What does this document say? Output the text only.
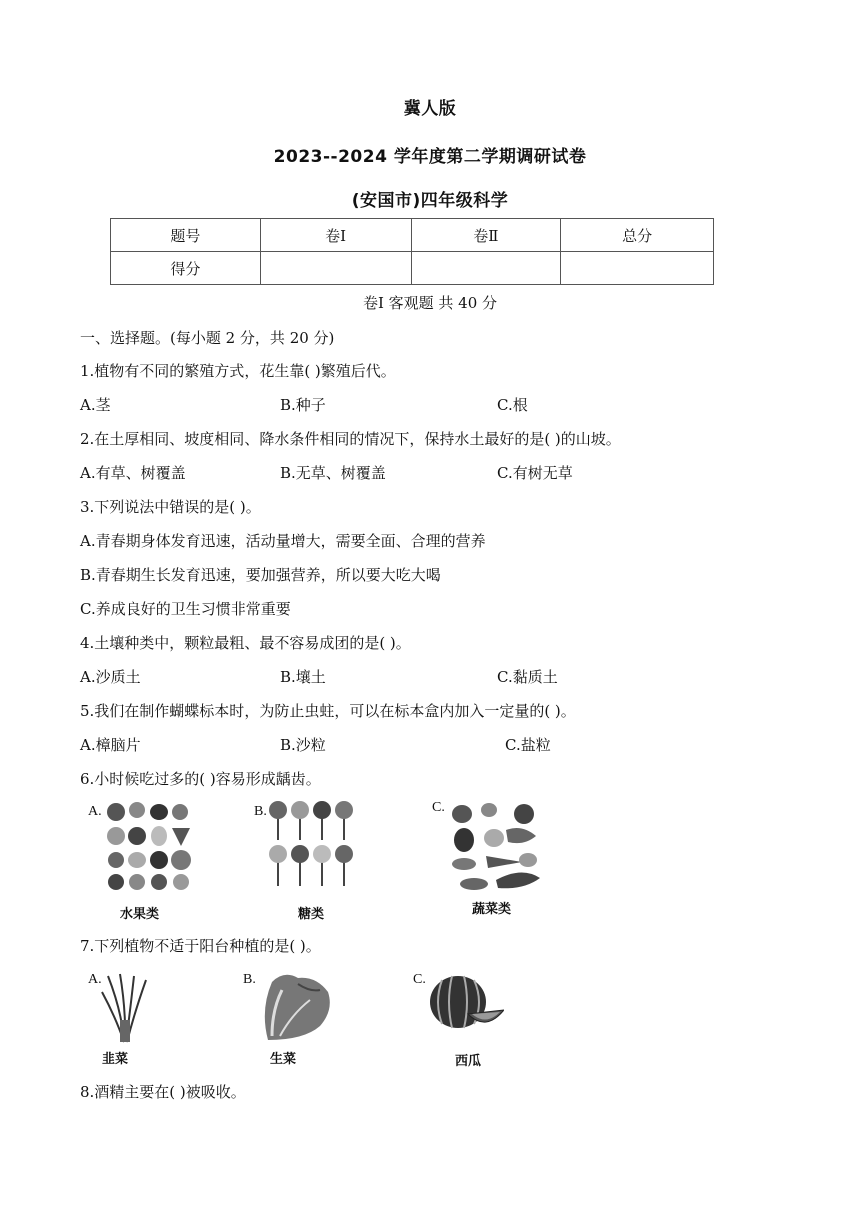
冀人版
2023--2024 学年度第二学期调研试卷
(安国市)四年级科学
题号	卷Ⅰ	卷Ⅱ	总分
得分			
卷Ⅰ 客观题 共 40 分
一、选择题。(每小题 2 分，共 20 分)
1.植物有不同的繁殖方式，花生靠( )繁殖后代。
A.茎	B.种子	C.根
2.在土厚相同、坡度相同、降水条件相同的情况下，保持水土最好的是( )的山坡。
A.有草、树覆盖	B.无草、树覆盖	C.有树无草
3.下列说法中错误的是( )。
A.青春期身体发育迅速，活动量增大，需要全面、合理的营养
B.青春期生长发育迅速，要加强营养，所以要大吃大喝
C.养成良好的卫生习惯非常重要
4.土壤种类中，颗粒最粗、最不容易成团的是( )。
A.沙质土	B.壤土	C.黏质土
5.我们在制作蝴蝶标本时，为防止虫蛀，可以在标本盒内加入一定量的( )。
A.樟脑片	B.沙粒	C.盐粒
6.小时候吃过多的( )容易形成龋齿。
A.
水果类
B.
糖类
C.
蔬菜类
7.下列植物不适于阳台种植的是( )。
A.
韭菜
B.
生菜
C.
西瓜
8.酒精主要在( )被吸收。
